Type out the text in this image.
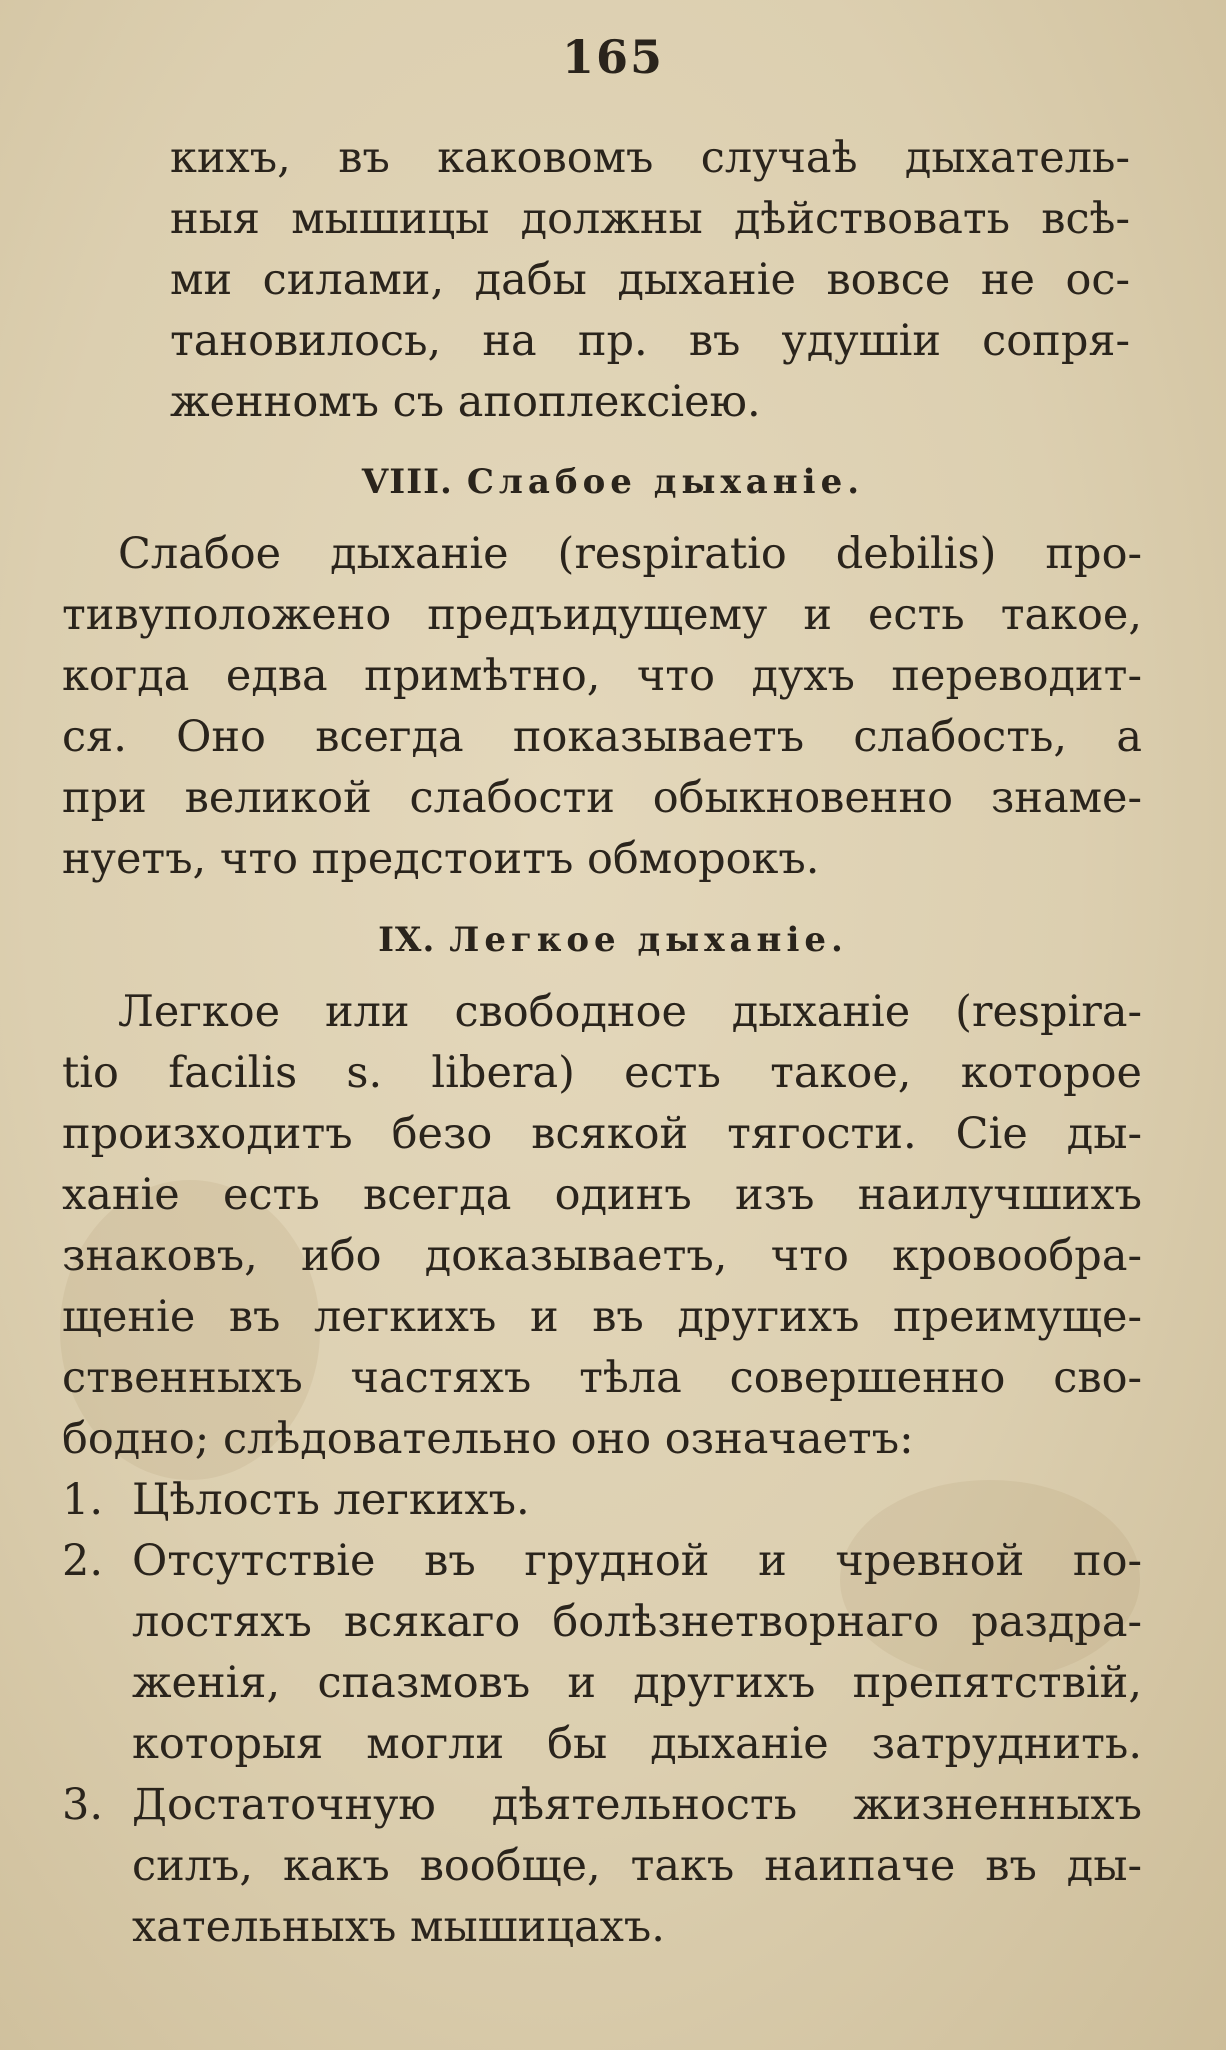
165
кихъ, въ каковомъ случаѣ дыхатель-
ныя мышицы должны дѣйствовать всѣ-
ми силами, дабы дыханіе вовсе не ос-
тановилось, на пр. въ удушіи сопря-
женномъ съ апоплексіею.
VIII. Слабое дыханіе.
Слабое дыханіе (respiratio debilis) про-
тивуположено предъидущему и есть такое,
когда едва примѣтно, что духъ переводит-
ся. Оно всегда показываетъ слабость, а
при великой слабости обыкновенно знаме-
нуетъ, что предстоитъ обморокъ.
IX. Легкое дыханіе.
Легкое или свободное дыханіе (respira-
tio facilis s. libera) есть такое, которое
произходитъ безо всякой тягости. Сіе ды-
ханіе есть всегда одинъ изъ наилучшихъ
знаковъ, ибо доказываетъ, что кровообра-
щеніе въ легкихъ и въ другихъ преимуще-
ственныхъ частяхъ тѣла совершенно сво-
бодно; слѣдовательно оно означаетъ:
1. Цѣлость легкихъ.
2. Отсутствіе въ грудной и чревной по-
лостяхъ всякаго болѣзнетворнаго раздра-
женія, спазмовъ и другихъ препятствій,
которыя могли бы дыханіе затруднить.
3. Достаточную дѣятельность жизненныхъ
силъ, какъ вообще, такъ наипаче въ ды-
хательныхъ мышицахъ.
